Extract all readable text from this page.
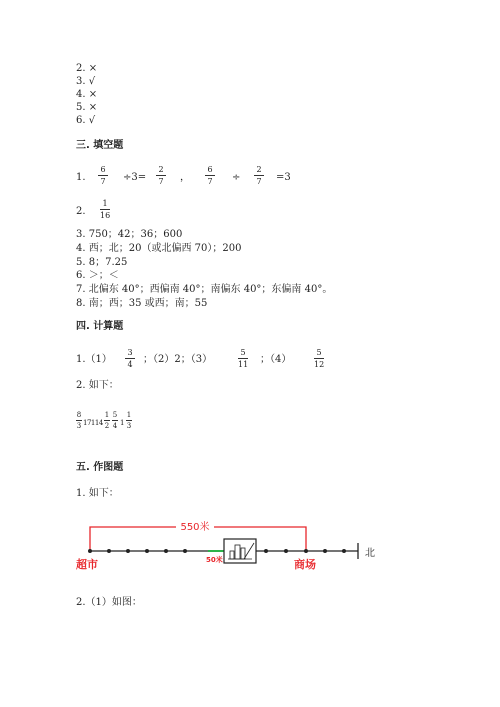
2. ×
3. √
4. ×
5. ×
6. √
三. 填空题
1.
6
7 ÷3=
2
7 ，
6
7 ÷
2
7 =3
2.
1
16
3. 750；42；36；600
4. 西；北；20（或北偏西 70）；200
5. 8；7.25
6. ＞；＜
7. 北偏东 40°；西偏南 40°；南偏东 40°；东偏南 40°。
8. 南；西；35 或西；南；55
四. 计算题
1.（1）
3
4 ；（2）2；（3）
5
11 ；（4）
5
12
2. 如下：
8
3 17114
1
2
5
4 1
1
3
五. 作图题
1. 如下：
550米
50米
北
超市	商场
2.（1）如图：
